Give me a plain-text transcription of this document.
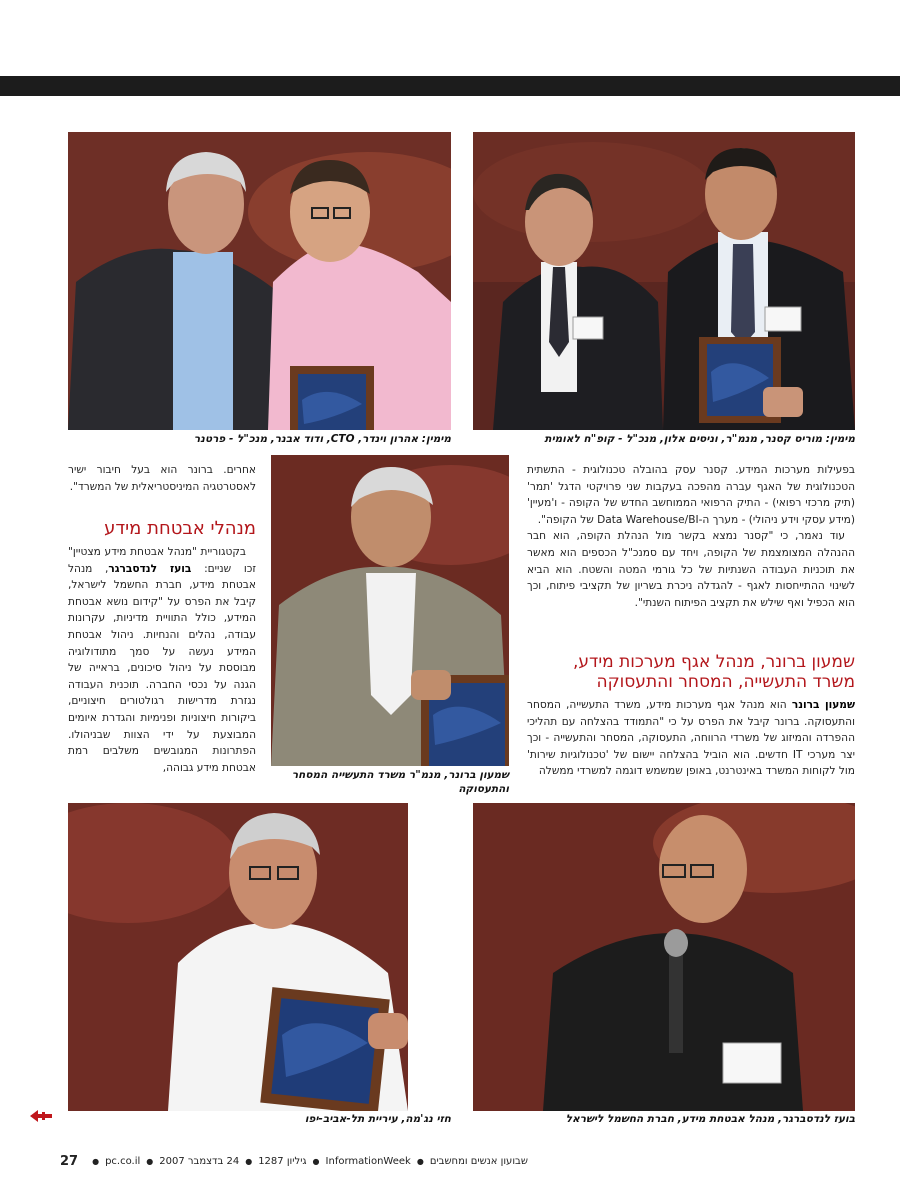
מימין: מוריס קסנר, מנמ"ר, וניסים אלון, מנכ"ל - קופ"ח לאומית
מימין: אהרון וינדר, CTO, ודוד אבנר, מנכ"ל - פרטנר
שמעון ברונר, מנמ"ר משרד התעשייה המסחר והתעסוקה

בפעילות מערכות המידע. קסנר עסק בהובלה טכנולוגית - התשתית הטכנולוגית של האגף עברה מהפכה בעקבות שני פרויקטי הדגל 'תמר' (תיק מרכזי רפואי) - התיק הרפואי הממוחשב החדש של הקופה - ו'מעיין' (מידע עסקי וידע ניהולי) - מערך ה-Data Warehouse/BI של הקופה".

עוד נאמר, כי "קסנר נמצא בקשר מול הנהלת הקופה, הוא חבר ההנהלה המצומצמת של הקופה, ויחד עם סמנכ"ל הכספים הוא מאשר את תוכניות העבודה השנתיות של כל גורמי המטה והשטח. הוא הביא לשינוי ההתייחסות לאגף - להגדלה ניכרת בשריון של תקציבי פיתוח, וכך הוא הכפיל ואף שילש את תקציב הפיתוח השנתי".

שמעון ברונר, מנהל אגף מערכות מידע, משרד התעשייה, המסחר והתעסוקה

שמעון ברונר הוא מנהל אגף מערכות מידע, משרד התעשייה, המסחר והתעסוקה. ברונר קיבל את הפרס על כי "התמודד בהצלחה עם תהליכי ההפרדה והמיזוג של משרדי הרווחה, התעסוקה, המסחר והתעשייה - וכך יצר מערכי IT חדשים. הוא הוביל בהצלחה יישום של 'טכנולוגיות שירות' מול לקוחות המשרד באינטרנט, באופן שמשמש דוגמה למשרדי ממשלה

אחרים. ברונר הוא בעל חיבור ישיר לאסטרטגיה המיניסטריאלית של המשרד".

מנהלי אבטחת מידע

בקטגוריית "מנהל אבטחת מידע מצטיין" זכו שניים: בועז לנדסברגר, מנהל אבטחת מידע, חברת החשמל לישראל, קיבל את הפרס על "קידום נושא אבטחת המידע, כולל התוויית מדיניות, עקרונות עבודה, נהלים והנחיות. ניהול אבטחת המידע נעשה על סמך מתודולוגיה מבוססת על ניהול סיכונים, בראייה של הגנה על נכסי החברה. תוכנית העבודה נגזרת מדרישות רגולטורים חיצוניים, ביקורות חיצוניות ופנימיות והגדרת איומים המבוצעת על ידי הצוות שבניהולו. הפתרונות המגובשים משלבים רמת אבטחת מידע גבוהה,

חזי נג'מה, עיריית תל-אביב-יפו	בועז לנדסברגר, מנהל אבטחת מידע, חברת החשמל לישראל
27 ● pc.co.il ● 24 בדצמבר 2007 ● גיליון 1287 ● InformationWeek ● שבועון אנשים ומחשבים
